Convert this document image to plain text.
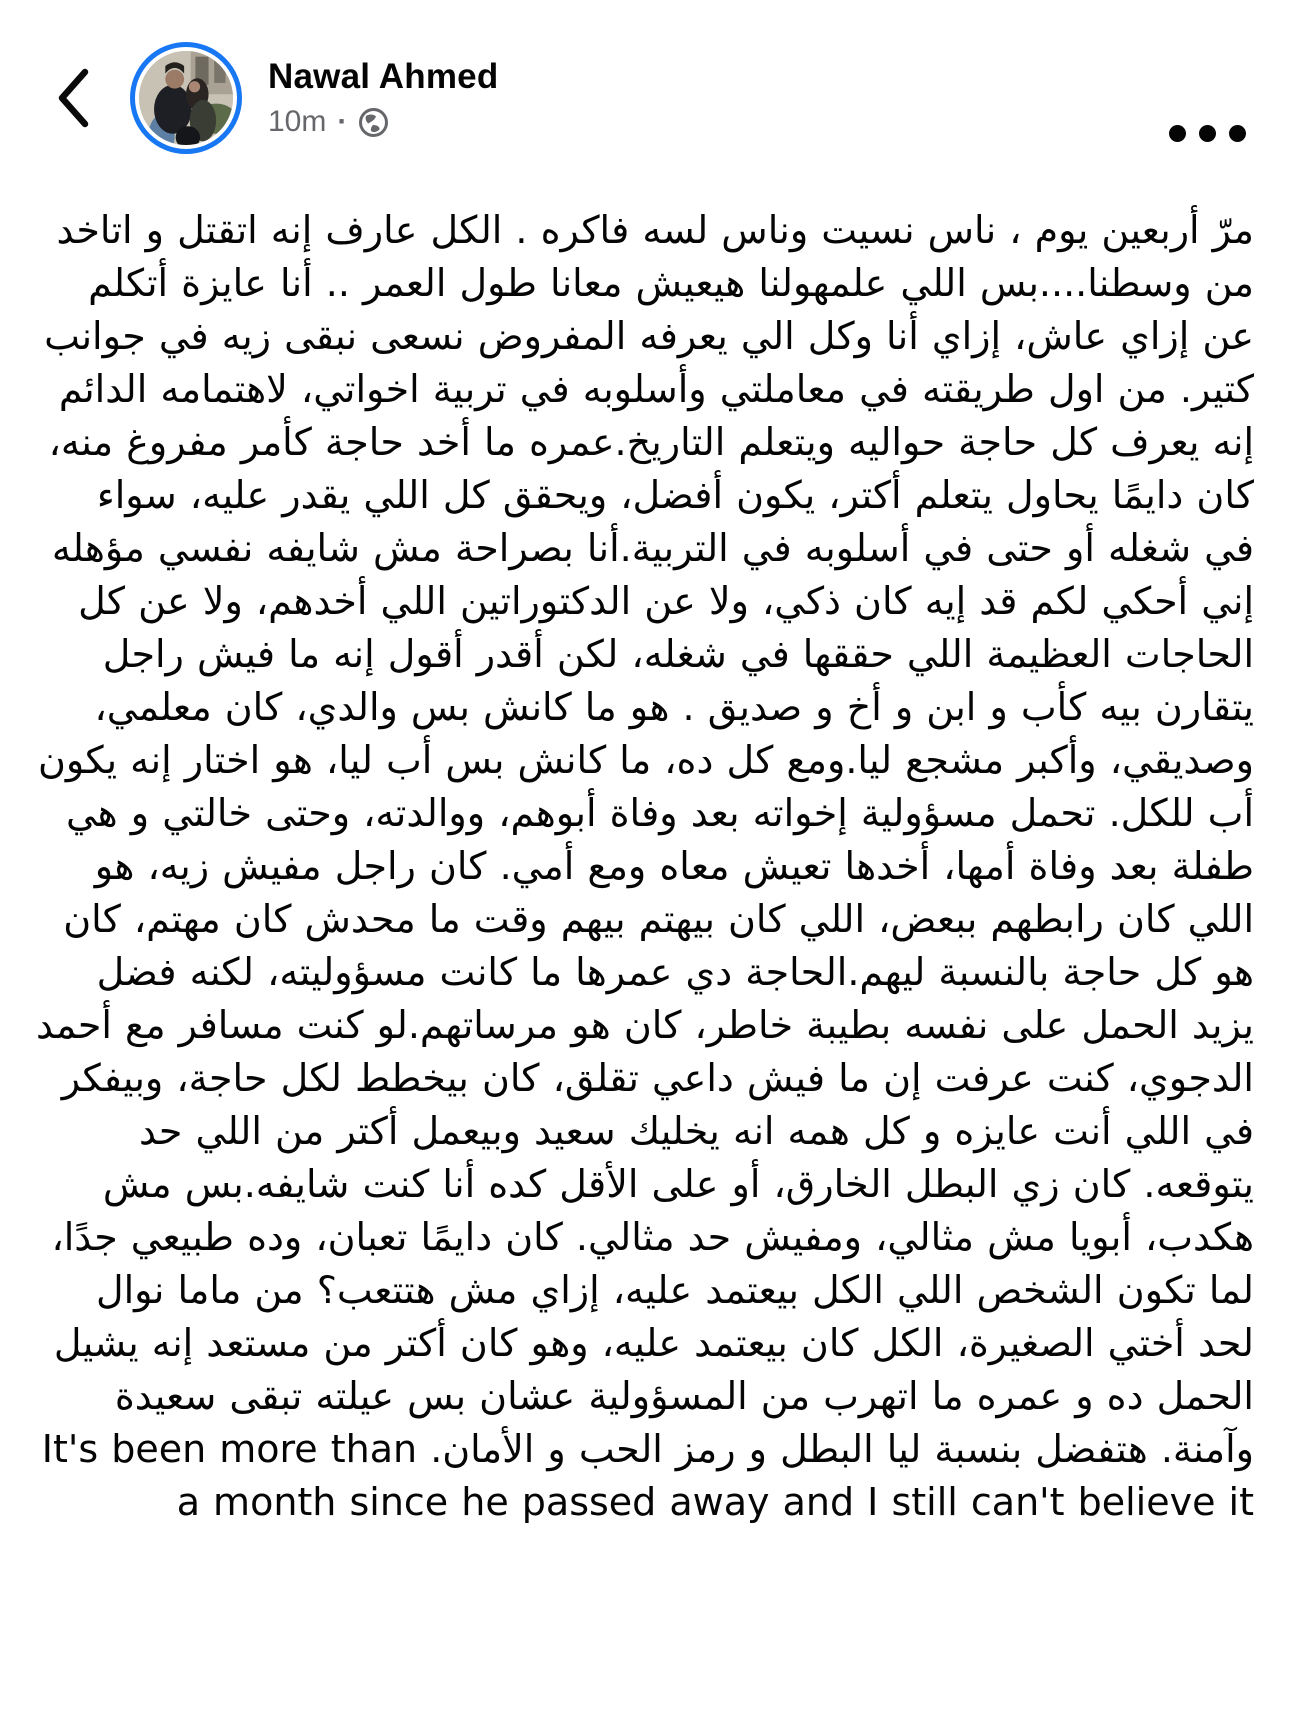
Nawal Ahmed
10m ·
مرّ أربعين يوم ، ناس نسيت وناس لسه فاكره . الكل عارف إنه اتقتل و اتاخد من وسطنا....بس اللي علمهولنا هيعيش معانا طول العمر .. أنا عايزة أتكلم عن إزاي عاش، إزاي أنا وكل الي يعرفه المفروض نسعى نبقى زيه في جوانب كتير. من اول طريقته في معاملتي وأسلوبه في تربية اخواتي، لاهتمامه الدائم إنه يعرف كل حاجة حواليه ويتعلم التاريخ.عمره ما أخد حاجة كأمر مفروغ منه، كان دايمًا يحاول يتعلم أكتر، يكون أفضل، ويحقق كل اللي يقدر عليه، سواء في شغله أو حتى في أسلوبه في التربية.أنا بصراحة مش شايفه نفسي مؤهله إني أحكي لكم قد إيه كان ذكي، ولا عن الدكتوراتين اللي أخدهم، ولا عن كل الحاجات العظيمة اللي حققها في شغله، لكن أقدر أقول إنه ما فيش راجل يتقارن بيه كأب و ابن و أخ و صديق . هو ما كانش بس والدي، كان معلمي، وصديقي، وأكبر مشجع ليا.ومع كل ده، ما كانش بس أب ليا، هو اختار إنه يكون أب للكل. تحمل مسؤولية إخواته بعد وفاة أبوهم، ووالدته، وحتى خالتي و هي طفلة بعد وفاة أمها، أخدها تعيش معاه ومع أمي. كان راجل مفيش زيه، هو اللي كان رابطهم ببعض، اللي كان بيهتم بيهم وقت ما محدش كان مهتم، كان هو كل حاجة بالنسبة ليهم.الحاجة دي عمرها ما كانت مسؤوليته، لكنه فضل يزيد الحمل على نفسه بطيبة خاطر، كان هو مرساتهم.لو كنت مسافر مع أحمد الدجوي، كنت عرفت إن ما فيش داعي تقلق، كان بيخطط لكل حاجة، وبيفكر في اللي أنت عايزه و كل همه انه يخليك سعيد وبيعمل أكتر من اللي حد يتوقعه. كان زي البطل الخارق، أو على الأقل كده أنا كنت شايفه.بس مش هكدب، أبويا مش مثالي، ومفيش حد مثالي. كان دايمًا تعبان، وده طبيعي جدًا، لما تكون الشخص اللي الكل بيعتمد عليه، إزاي مش هتتعب؟ من ماما نوال لحد أختي الصغيرة، الكل كان بيعتمد عليه، وهو كان أكتر من مستعد إنه يشيل الحمل ده و عمره ما اتهرب من المسؤولية عشان بس عيلته تبقى سعيدة وآمنة. هتفضل بنسبة ليا البطل و رمز الحب و الأمان. It's been more than a month since he passed away and I still can't believe it
